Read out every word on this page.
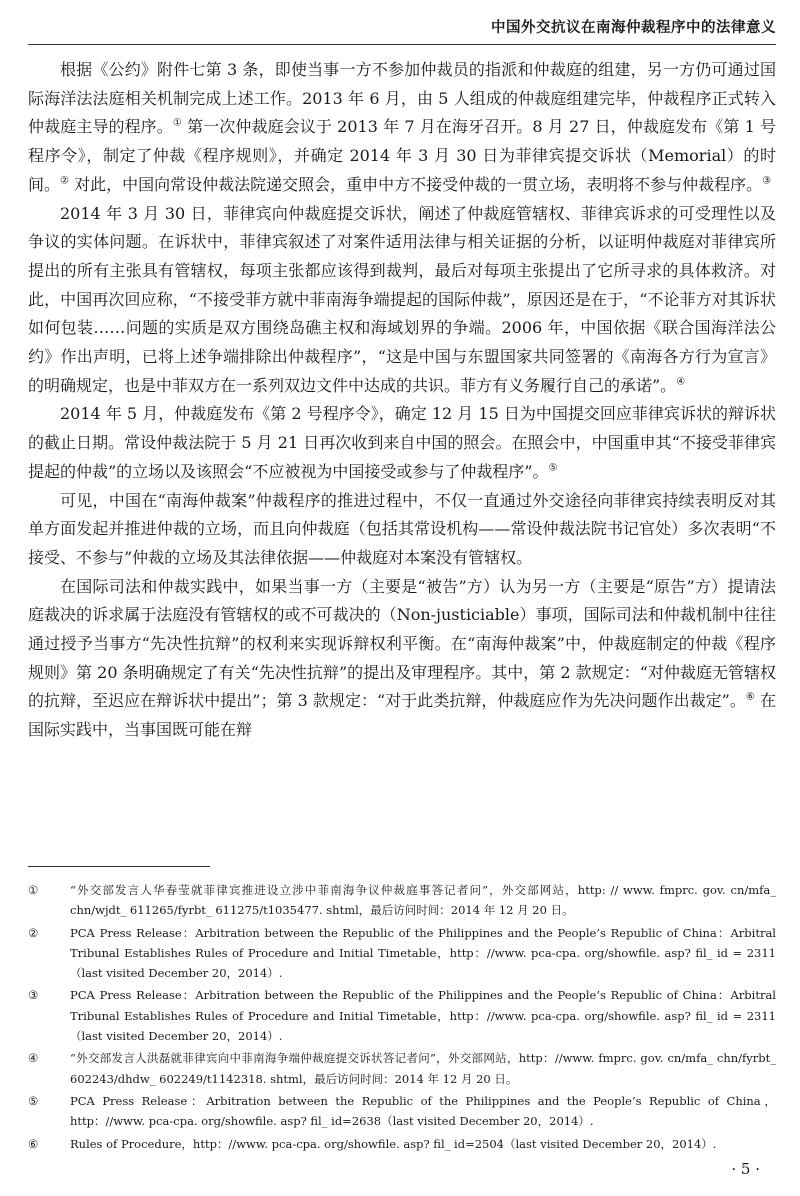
中国外交抗议在南海仲裁程序中的法律意义

根据《公约》附件七第 3 条，即使当事一方不参加仲裁员的指派和仲裁庭的组建，另一方仍可通过国际海洋法法庭相关机制完成上述工作。2013 年 6 月，由 5 人组成的仲裁庭组建完毕，仲裁程序正式转入仲裁庭主导的程序。① 第一次仲裁庭会议于 2013 年 7 月在海牙召开。8 月 27 日，仲裁庭发布《第 1 号程序令》，制定了仲裁《程序规则》，并确定 2014 年 3 月 30 日为菲律宾提交诉状（Memorial）的时间。② 对此，中国向常设仲裁法院递交照会，重申中方不接受仲裁的一贯立场，表明将不参与仲裁程序。③

2014 年 3 月 30 日，菲律宾向仲裁庭提交诉状，阐述了仲裁庭管辖权、菲律宾诉求的可受理性以及争议的实体问题。在诉状中，菲律宾叙述了对案件适用法律与相关证据的分析，以证明仲裁庭对菲律宾所提出的所有主张具有管辖权，每项主张都应该得到裁判，最后对每项主张提出了它所寻求的具体救济。对此，中国再次回应称，“不接受菲方就中菲南海争端提起的国际仲裁”，原因还是在于，“不论菲方对其诉状如何包装……问题的实质是双方围绕岛礁主权和海域划界的争端。2006 年，中国依据《联合国海洋法公约》作出声明，已将上述争端排除出仲裁程序”，“这是中国与东盟国家共同签署的《南海各方行为宣言》的明确规定，也是中菲双方在一系列双边文件中达成的共识。菲方有义务履行自己的承诺”。④

2014 年 5 月，仲裁庭发布《第 2 号程序令》，确定 12 月 15 日为中国提交回应菲律宾诉状的辩诉状的截止日期。常设仲裁法院于 5 月 21 日再次收到来自中国的照会。在照会中，中国重申其“不接受菲律宾提起的仲裁”的立场以及该照会“不应被视为中国接受或参与了仲裁程序”。⑤

可见，中国在“南海仲裁案”仲裁程序的推进过程中，不仅一直通过外交途径向菲律宾持续表明反对其单方面发起并推进仲裁的立场，而且向仲裁庭（包括其常设机构——常设仲裁法院书记官处）多次表明“不接受、不参与”仲裁的立场及其法律依据——仲裁庭对本案没有管辖权。

在国际司法和仲裁实践中，如果当事一方（主要是“被告”方）认为另一方（主要是“原告”方）提请法庭裁决的诉求属于法庭没有管辖权的或不可裁决的（Non-justiciable）事项，国际司法和仲裁机制中往往通过授予当事方“先决性抗辩”的权利来实现诉辩权利平衡。在“南海仲裁案”中，仲裁庭制定的仲裁《程序规则》第 20 条明确规定了有关“先决性抗辩”的提出及审理程序。其中，第 2 款规定：“对仲裁庭无管辖权的抗辩，至迟应在辩诉状中提出”；第 3 款规定：“对于此类抗辩，仲裁庭应作为先决问题作出裁定”。⑥ 在国际实践中，当事国既可能在辩

①	“外交部发言人华春莹就菲律宾推进设立涉中菲南海争议仲裁庭事答记者问”，外交部网站，http: // www. fmprc. gov. cn/mfa_ chn/wjdt_ 611265/fyrbt_ 611275/t1035477. shtml，最后访问时间：2014 年 12 月 20 日。
②	PCA Press Release：Arbitration between the Republic of the Philippines and the People’s Republic of China：Arbitral Tribunal Establishes Rules of Procedure and Initial Timetable，http：//www. pca-cpa. org/showfile. asp? fil_ id = 2311（last visited December 20，2014）.
③	PCA Press Release：Arbitration between the Republic of the Philippines and the People’s Republic of China：Arbitral Tribunal Establishes Rules of Procedure and Initial Timetable，http：//www. pca-cpa. org/showfile. asp? fil_ id = 2311（last visited December 20，2014）.
④	“外交部发言人洪磊就菲律宾向中菲南海争端仲裁庭提交诉状答记者问”，外交部网站，http：//www. fmprc. gov. cn/mfa_ chn/fyrbt_ 602243/dhdw_ 602249/t1142318. shtml，最后访问时间：2014 年 12 月 20 日。
⑤	PCA Press Release：Arbitration between the Republic of the Philippines and the People’s Republic of China，http：//www. pca-cpa. org/showfile. asp? fil_ id=2638（last visited December 20，2014）.
⑥	Rules of Procedure，http：//www. pca-cpa. org/showfile. asp? fil_ id=2504（last visited December 20，2014）.
· 5 ·
